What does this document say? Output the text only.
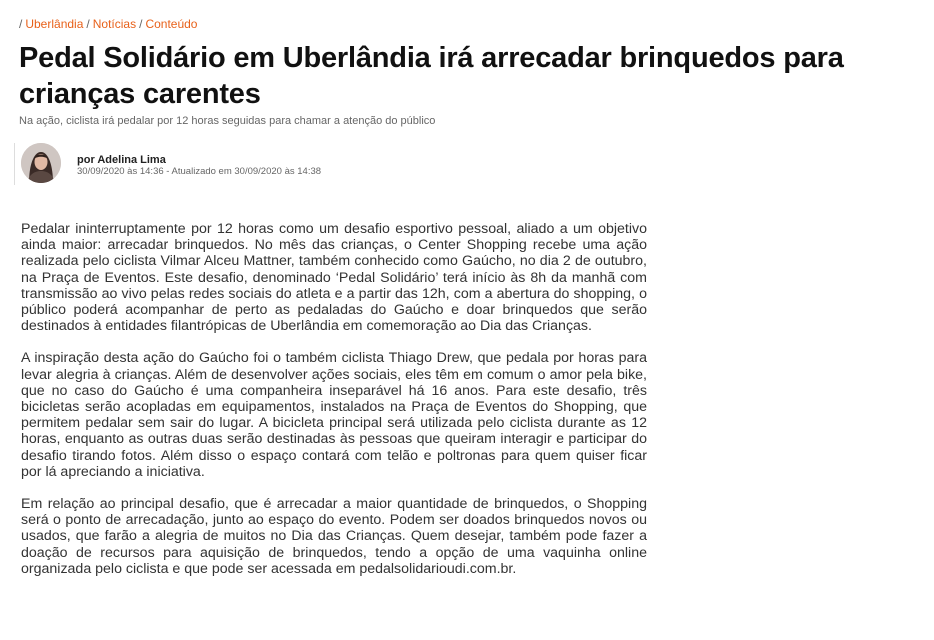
/ Uberlândia / Notícias / Conteúdo
Pedal Solidário em Uberlândia irá arrecadar brinquedos para crianças carentes
Na ação, ciclista irá pedalar por 12 horas seguidas para chamar a atenção do público
por Adelina Lima
30/09/2020 às 14:36 - Atualizado em 30/09/2020 às 14:38

Pedalar ininterruptamente por 12 horas como um desafio esportivo pessoal, aliado a um objetivo ainda maior: arrecadar brinquedos. No mês das crianças, o Center Shopping recebe uma ação realizada pelo ciclista Vilmar Alceu Mattner, também conhecido como Gaúcho, no dia 2 de outubro, na Praça de Eventos. Este desafio, denominado ‘Pedal Solidário’ terá início às 8h da manhã com transmissão ao vivo pelas redes sociais do atleta e a partir das 12h, com a abertura do shopping, o público poderá acompanhar de perto as pedaladas do Gaúcho e doar brinquedos que serão destinados à entidades filantrópicas de Uberlândia em comemoração ao Dia das Crianças.

A inspiração desta ação do Gaúcho foi o também ciclista Thiago Drew, que pedala por horas para levar alegria à crianças. Além de desenvolver ações sociais, eles têm em comum o amor pela bike, que no caso do Gaúcho é uma companheira inseparável há 16 anos. Para este desafio, três bicicletas serão acopladas em equipamentos, instalados na Praça de Eventos do Shopping, que permitem pedalar sem sair do lugar. A bicicleta principal será utilizada pelo ciclista durante as 12 horas, enquanto as outras duas serão destinadas às pessoas que queiram interagir e participar do desafio tirando fotos. Além disso o espaço contará com telão e poltronas para quem quiser ficar por lá apreciando a iniciativa.

Em relação ao principal desafio, que é arrecadar a maior quantidade de brinquedos, o Shopping será o ponto de arrecadação, junto ao espaço do evento. Podem ser doados brinquedos novos ou usados, que farão a alegria de muitos no Dia das Crianças. Quem desejar, também pode fazer a doação de recursos para aquisição de brinquedos, tendo a opção de uma vaquinha online organizada pelo ciclista e que pode ser acessada em pedalsolidarioudi.com.br.
